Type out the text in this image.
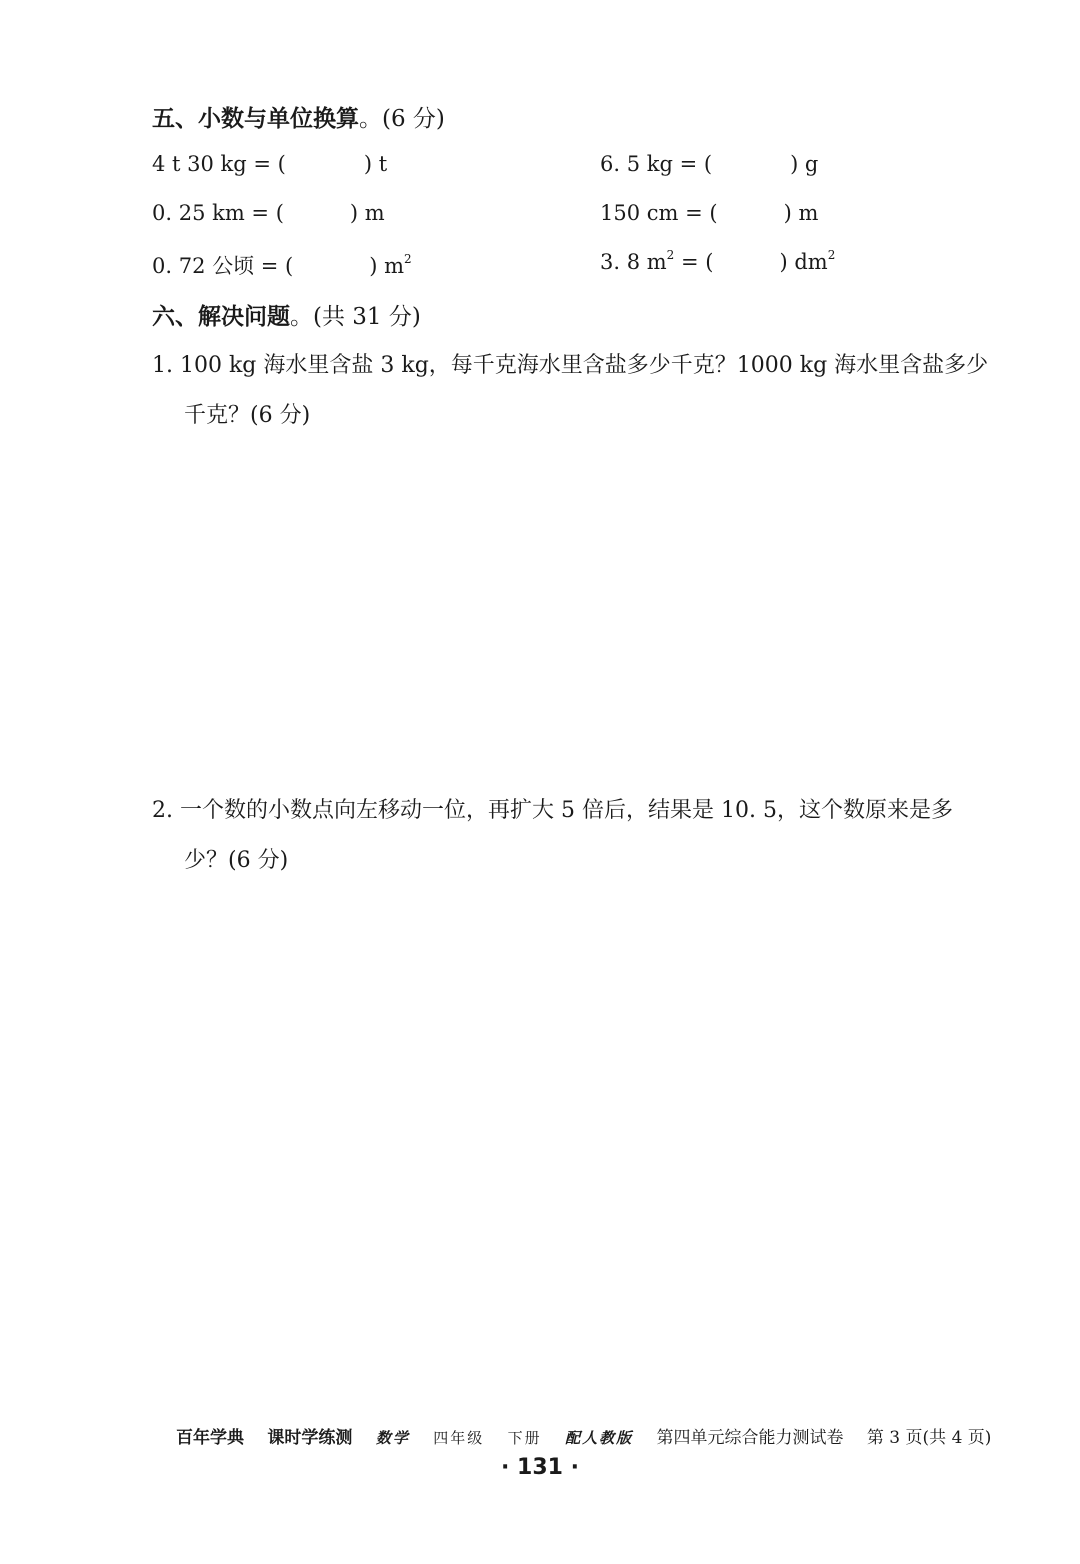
五、小数与单位换算。(6 分)
4 t 30 kg = (	) t	6. 5 kg = (	) g
0. 25 km = (	) m	150 cm = (	) m
0. 72 公顷 = (	) $m^2$	3. 8 $m^2$ = (	) $dm^2$
六、解决问题。(共 31 分)
1. 100 kg 海水里含盐 3 kg，每千克海水里含盐多少千克？1000 kg 海水里含盐多少
千克？(6 分)
2. 一个数的小数点向左移动一位，再扩大 5 倍后，结果是 10. 5，这个数原来是多
少？(6 分)
百年学典 课时学练测 数学 四年级 下册 配人教版 第四单元综合能力测试卷 第 3 页(共 4 页)
· 131 ·
